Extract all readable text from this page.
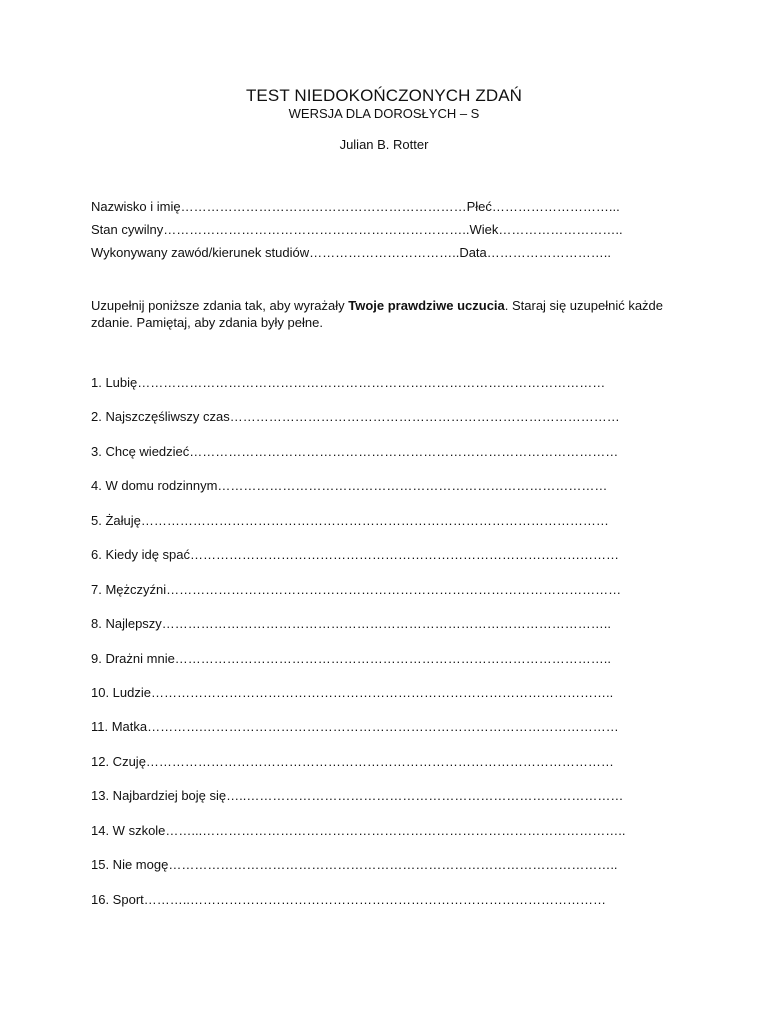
TEST NIEDOKOŃCZONYCH ZDAŃ
WERSJA DLA DOROSŁYCH – S
Julian B. Rotter
Nazwisko i imię…………………………………………………………Płeć………………………...
Stan cywilny……………………………………………………………..Wiek………………………..
Wykonywany zawód/kierunek studiów……………………………..Data………………………..
Uzupełnij poniższe zdania tak, aby wyrażały Twoje prawdziwe uczucia. Staraj się uzupełnić każde zdanie. Pamiętaj, aby zdania były pełne.
1. Lubię………………………………………………………………………………………………
2. Najszczęśliwszy czas………………………………………………………………………………
3. Chcę wiedzieć………………………………………………………………………………………
4. W domu rodzinnym………………………………………………………………………………
5. Żałuję………………………………………………………………………………………………
6. Kiedy idę spać………………………………………………………………………………………
7. Mężczyźni……………………………………………………………………………………………
8. Najlepszy…………………………………………………………………………………………..
9. Drażni mnie………………………………………………………………………………………..
10. Ludzie……………………………………………………………………………………………..
11. Matka………….……………………………………………………………………………………
12. Czuję………………………………………………………………………………………………
13. Najbardziej boję się…..……………………………………………………………………………
14. W szkole……...……………………………………………………………………………………..
15. Nie mogę…………………………………………………………………………………………..
16. Sport………..……………………………………………………………………………………
